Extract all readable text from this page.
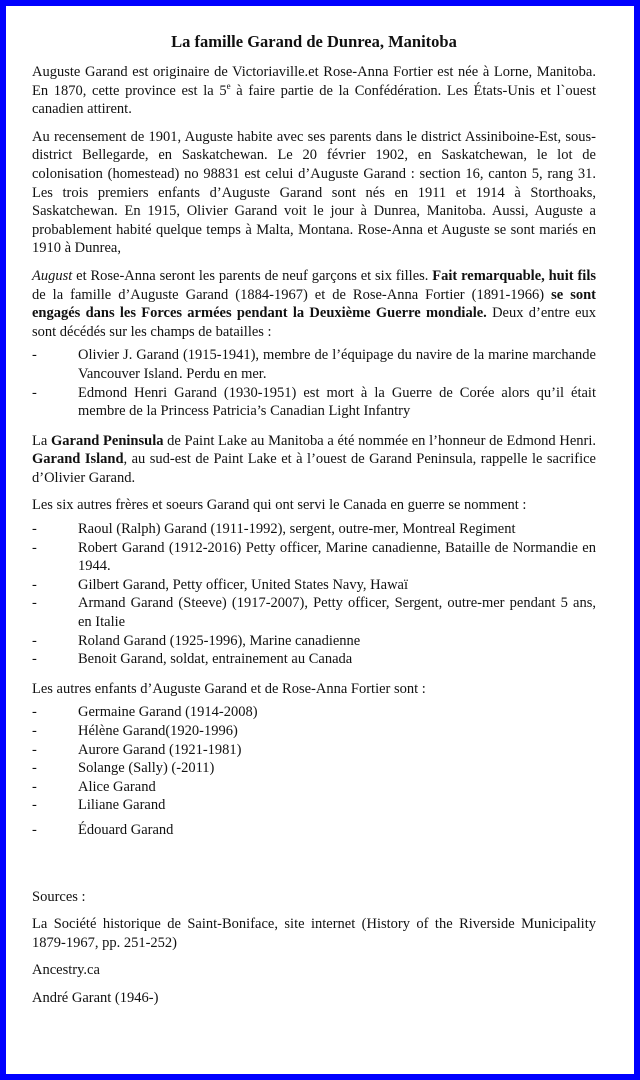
La famille Garand de Dunrea, Manitoba

Auguste Garand est originaire de Victoriaville.et Rose-Anna Fortier est née à Lorne, Manitoba. En 1870, cette province est la 5e à faire partie de la Confédération. Les États-Unis et l`ouest canadien attirent.

Au recensement de 1901, Auguste habite avec ses parents dans le district Assiniboine-Est, sous-district Bellegarde, en Saskatchewan. Le 20 février 1902, en Saskatchewan, le lot de colonisation (homestead) no 98831 est celui d’Auguste Garand : section 16, canton 5, rang 31. Les trois premiers enfants d’Auguste Garand sont nés en 1911 et 1914 à Storthoaks, Saskatchewan. En 1915, Olivier Garand voit le jour à Dunrea, Manitoba. Aussi, Auguste a probablement habité quelque temps à Malta, Montana. Rose-Anna et Auguste se sont mariés en 1910 à Dunrea,

August et Rose-Anna seront les parents de neuf garçons et six filles. Fait remarquable, huit fils de la famille d’Auguste Garand (1884-1967) et de Rose-Anna Fortier (1891-1966) se sont engagés dans les Forces armées pendant la Deuxième Guerre mondiale. Deux d’entre eux sont décédés sur les champs de batailles :

- Olivier J. Garand (1915-1941), membre de l’équipage du navire de la marine marchande Vancouver Island. Perdu en mer.
- Edmond Henri Garand (1930-1951) est mort à la Guerre de Corée alors qu’il était membre de la Princess Patricia’s Canadian Light Infantry

La Garand Peninsula de Paint Lake au Manitoba a été nommée en l’honneur de Edmond Henri. Garand Island, au sud-est de Paint Lake et à l’ouest de Garand Peninsula, rappelle le sacrifice d’Olivier Garand.

Les six autres frères et soeurs Garand qui ont servi le Canada en guerre se nomment :

- Raoul (Ralph) Garand (1911-1992), sergent, outre-mer, Montreal Regiment
- Robert Garand (1912-2016) Petty officer, Marine canadienne, Bataille de Normandie en 1944.
- Gilbert Garand, Petty officer, United States Navy, Hawaï
- Armand Garand (Steeve) (1917-2007), Petty officer, Sergent, outre-mer pendant 5 ans, en Italie
- Roland Garand (1925-1996), Marine canadienne
- Benoit Garand, soldat, entrainement au Canada

Les autres enfants d’Auguste Garand et de Rose-Anna Fortier sont :

- Germaine Garand (1914-2008)
- Hélène Garand(1920-1996)
- Aurore Garand (1921-1981)
- Solange (Sally) (-2011)
- Alice Garand
- Liliane Garand
- Édouard Garand

Sources :

La Société historique de Saint-Boniface, site internet (History of the Riverside Municipality 1879-1967, pp. 251-252)

Ancestry.ca

André Garant (1946-)
